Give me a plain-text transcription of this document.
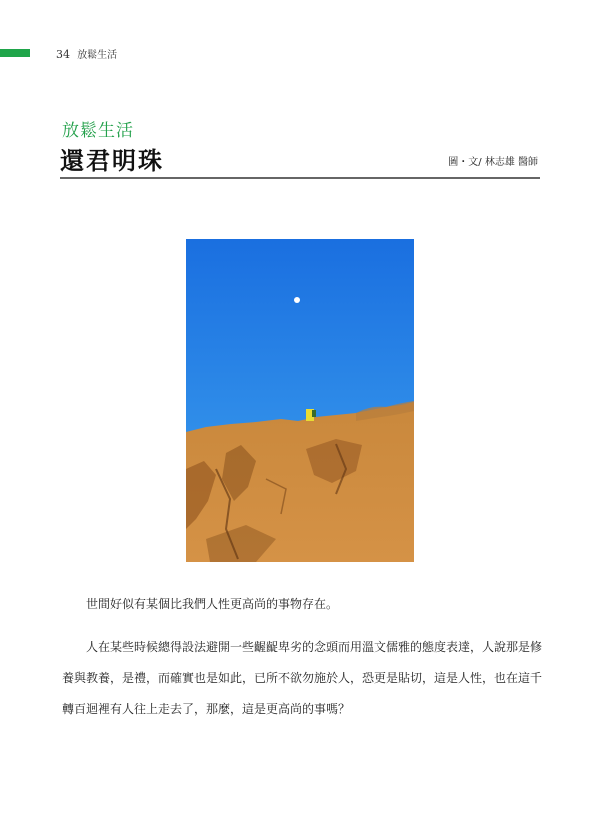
34 放鬆生活
放鬆生活
還君明珠	圖・文/ 林志雄 醫師

世間好似有某個比我們人性更高尚的事物存在。

人在某些時候總得設法避開一些齷齪卑劣的念頭而用溫文儒雅的態度表達，人說那是修養與教養，是禮，而確實也是如此，已所不欲勿施於人，恐更是貼切，這是人性，也在這千轉百迴裡有人往上走去了，那麼，這是更高尚的事嗎？
